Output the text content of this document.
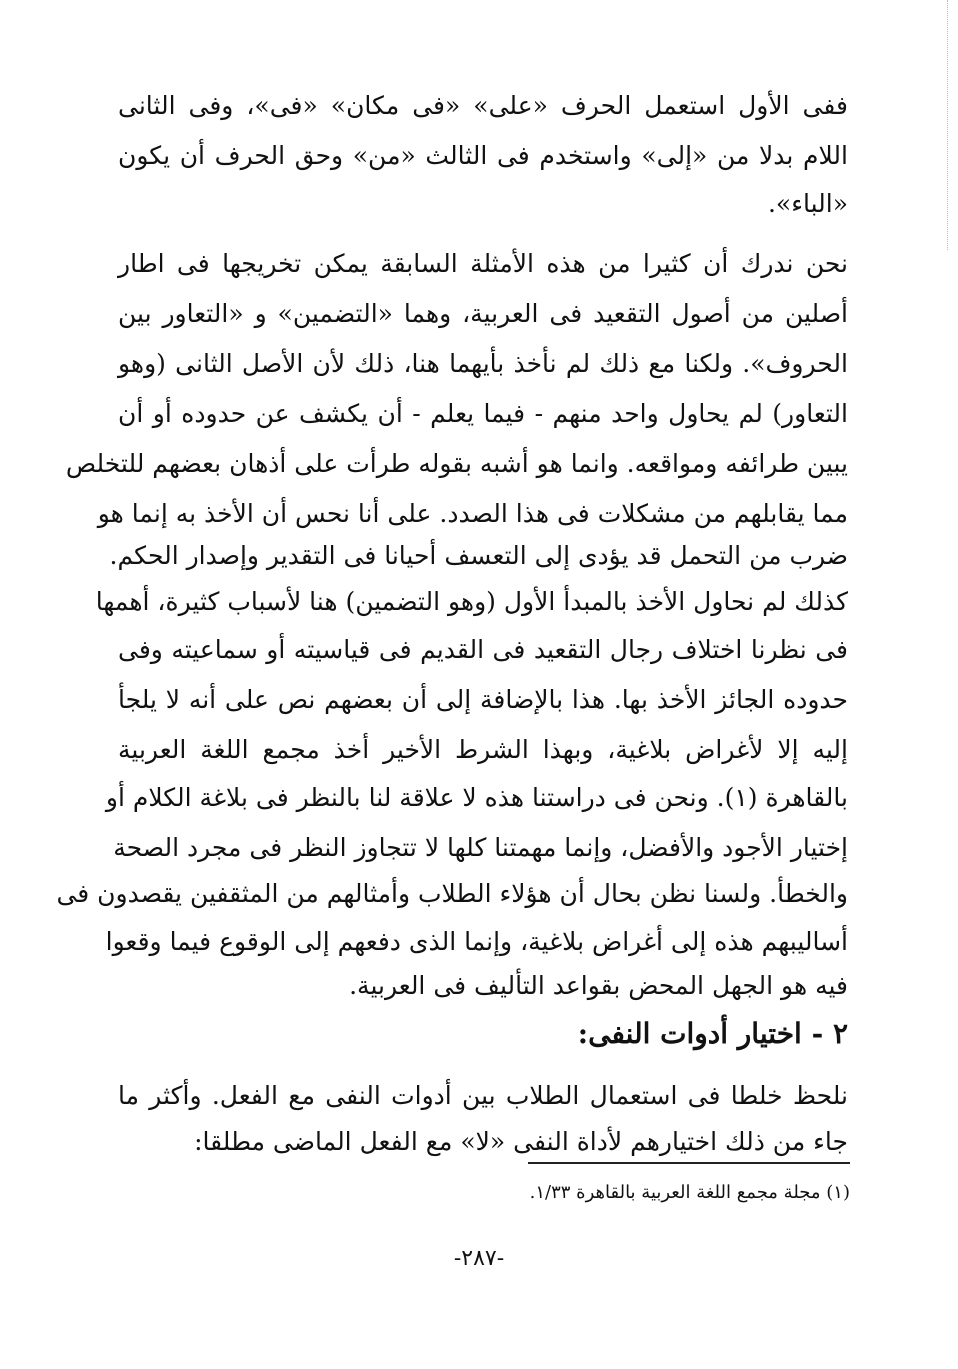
ففى الأول استعمل الحرف «على» «فى مكان» «فى»، وفى الثانى
اللام بدلا من «إلى» واستخدم فى الثالث «من» وحق الحرف أن يكون
«الباء».
نحن ندرك أن كثيرا من هذه الأمثلة السابقة يمكن تخريجها فى اطار
أصلين من أصول التقعيد فى العربية، وهما «التضمين» و «التعاور بين
الحروف». ولكنا مع ذلك لم نأخذ بأيهما هنا، ذلك لأن الأصل الثانى (وهو
التعاور) لم يحاول واحد منهم - فيما يعلم - أن يكشف عن حدوده أو أن
يبين طرائفه ومواقعه. وانما هو أشبه بقوله طرأت على أذهان بعضهم للتخلص
مما يقابلهم من مشكلات فى هذا الصدد. على أنا نحس أن الأخذ به إنما هو
ضرب من التحمل قد يؤدى إلى التعسف أحيانا فى التقدير وإصدار الحكم.
كذلك لم نحاول الأخذ بالمبدأ الأول (وهو التضمين) هنا لأسباب كثيرة، أهمها
فى نظرنا اختلاف رجال التقعيد فى القديم فى قياسيته أو سماعيته وفى
حدوده الجائز الأخذ بها. هذا بالإضافة إلى أن بعضهم نص على أنه لا يلجأ
إليه إلا لأغراض بلاغية، وبهذا الشرط الأخير أخذ مجمع اللغة العربية
بالقاهرة (١). ونحن فى دراستنا هذه لا علاقة لنا بالنظر فى بلاغة الكلام أو
إختيار الأجود والأفضل، وإنما مهمتنا كلها لا تتجاوز النظر فى مجرد الصحة
والخطأ. ولسنا نظن بحال أن هؤلاء الطلاب وأمثالهم من المثقفين يقصدون فى
أساليبهم هذه إلى أغراض بلاغية، وإنما الذى دفعهم إلى الوقوع فيما وقعوا
فيه هو الجهل المحض بقواعد التأليف فى العربية.
٢ - اختيار أدوات النفى:
نلحظ خلطا فى استعمال الطلاب بين أدوات النفى مع الفعل. وأكثر ما
جاء من ذلك اختيارهم لأداة النفى «لا» مع الفعل الماضى مطلقا:
(١) مجلة مجمع اللغة العربية بالقاهرة ١/٣٣.
-٢٨٧-
